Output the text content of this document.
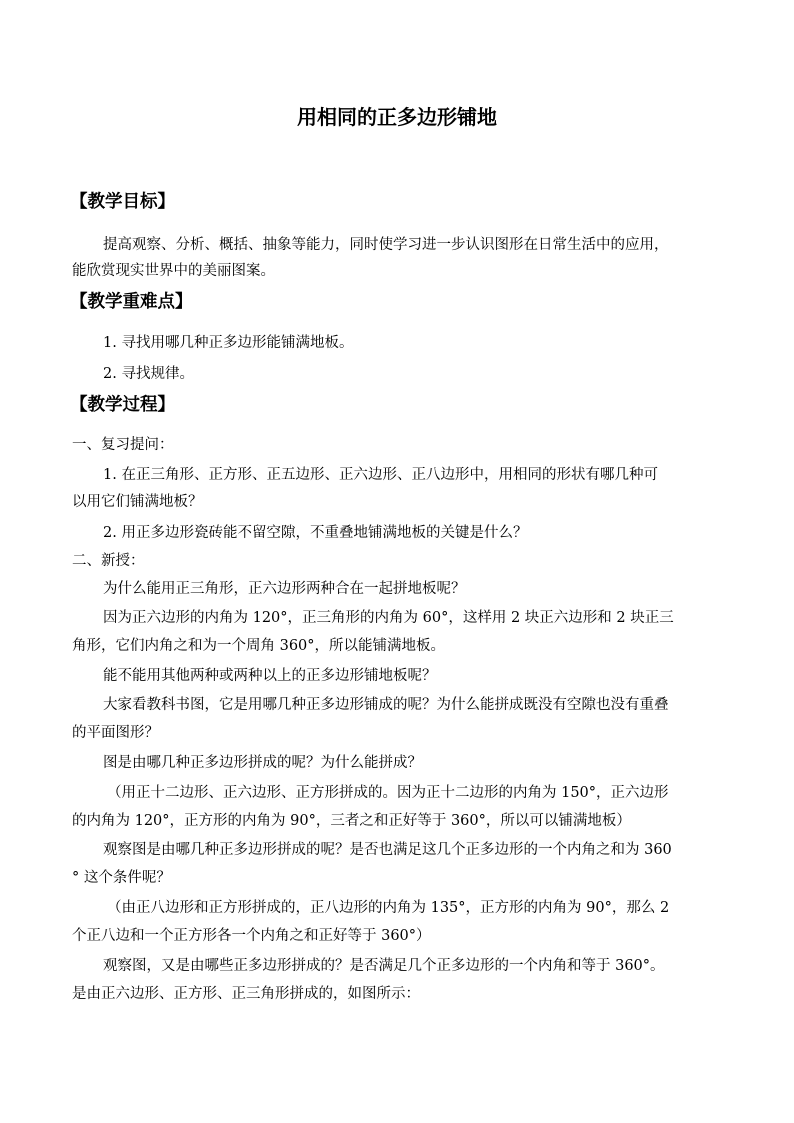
用相同的正多边形铺地
【教学目标】
提高观察、分析、概括、抽象等能力，同时使学习进一步认识图形在日常生活中的应用，
能欣赏现实世界中的美丽图案。
【教学重难点】
1. 寻找用哪几种正多边形能铺满地板。
2. 寻找规律。
【教学过程】
一、复习提问：
1. 在正三角形、正方形、正五边形、正六边形、正八边形中，用相同的形状有哪几种可
以用它们铺满地板？
2. 用正多边形瓷砖能不留空隙，不重叠地铺满地板的关键是什么？
二、新授：
为什么能用正三角形，正六边形两种合在一起拼地板呢？
因为正六边形的内角为 120°，正三角形的内角为 60°，这样用 2 块正六边形和 2 块正三
角形，它们内角之和为一个周角 360°，所以能铺满地板。
能不能用其他两种或两种以上的正多边形铺地板呢？
大家看教科书图，它是用哪几种正多边形铺成的呢？为什么能拼成既没有空隙也没有重叠
的平面图形？
图是由哪几种正多边形拼成的呢？为什么能拼成？
（用正十二边形、正六边形、正方形拼成的。因为正十二边形的内角为 150°，正六边形
的内角为 120°，正方形的内角为 90°，三者之和正好等于 360°，所以可以铺满地板）
观察图是由哪几种正多边形拼成的呢？是否也满足这几个正多边形的一个内角之和为 360
° 这个条件呢？
（由正八边形和正方形拼成的，正八边形的内角为 135°，正方形的内角为 90°，那么 2
个正八边和一个正方形各一个内角之和正好等于 360°）
观察图，又是由哪些正多边形拼成的？是否满足几个正多边形的一个内角和等于 360°。
是由正六边形、正方形、正三角形拼成的，如图所示：
